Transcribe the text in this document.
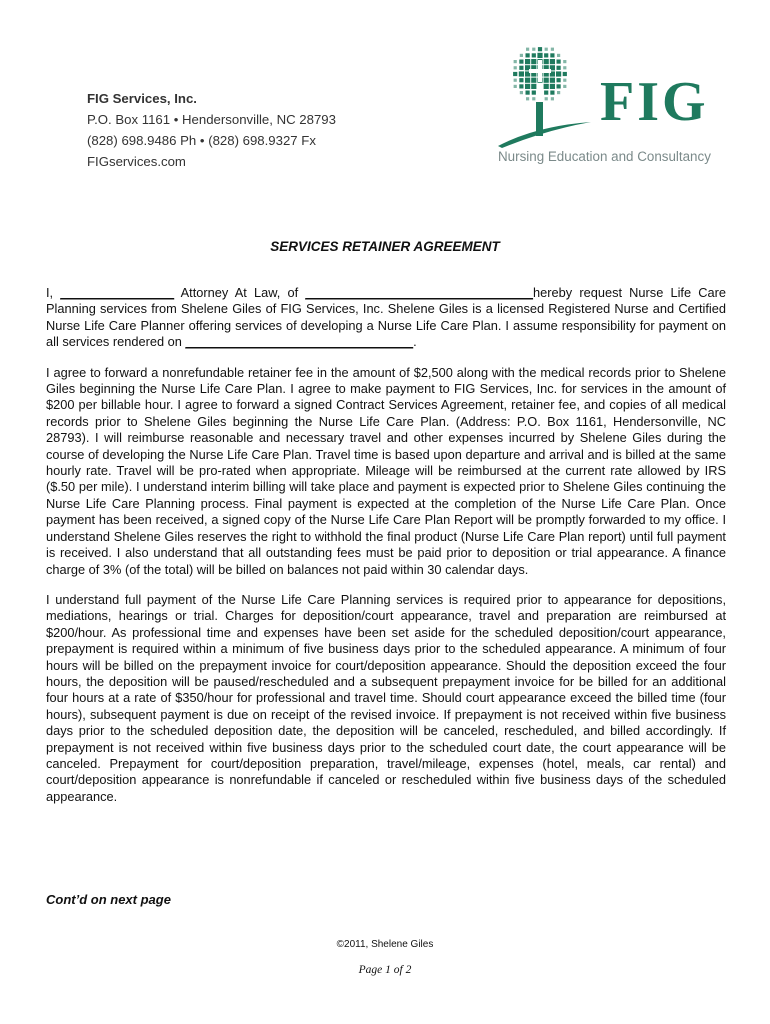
FIG Services, Inc.
P.O. Box 1161 • Hendersonville, NC 28793
(828) 698.9486 Ph • (828) 698.9327 Fx
FIGservices.com
FIG
Nursing Education and Consultancy
SERVICES RETAINER AGREEMENT

I, ________________ Attorney At Law, of ________________________________hereby request Nurse Life Care Planning services from Shelene Giles of FIG Services, Inc. Shelene Giles is a licensed Registered Nurse and Certified Nurse Life Care Planner offering services of developing a Nurse Life Care Plan. I assume responsibility for payment on all services rendered on ________________________________.

I agree to forward a nonrefundable retainer fee in the amount of $2,500 along with the medical records prior to Shelene Giles beginning the Nurse Life Care Plan. I agree to make payment to FIG Services, Inc. for services in the amount of $200 per billable hour. I agree to forward a signed Contract Services Agreement, retainer fee, and copies of all medical records prior to Shelene Giles beginning the Nurse Life Care Plan. (Address: P.O. Box 1161, Hendersonville, NC 28793). I will reimburse reasonable and necessary travel and other expenses incurred by Shelene Giles during the course of developing the Nurse Life Care Plan. Travel time is based upon departure and arrival and is billed at the same hourly rate. Travel will be pro-rated when appropriate. Mileage will be reimbursed at the current rate allowed by IRS ($.50 per mile). I understand interim billing will take place and payment is expected prior to Shelene Giles continuing the Nurse Life Care Planning process. Final payment is expected at the completion of the Nurse Life Care Plan. Once payment has been received, a signed copy of the Nurse Life Care Plan Report will be promptly forwarded to my office. I understand Shelene Giles reserves the right to withhold the final product (Nurse Life Care Plan report) until full payment is received. I also understand that all outstanding fees must be paid prior to deposition or trial appearance. A finance charge of 3% (of the total) will be billed on balances not paid within 30 calendar days.

I understand full payment of the Nurse Life Care Planning services is required prior to appearance for depositions, mediations, hearings or trial. Charges for deposition/court appearance, travel and preparation are reimbursed at $200/hour. As professional time and expenses have been set aside for the scheduled deposition/court appearance, prepayment is required within a minimum of five business days prior to the scheduled appearance. A minimum of four hours will be billed on the prepayment invoice for court/deposition appearance. Should the deposition exceed the four hours, the deposition will be paused/rescheduled and a subsequent prepayment invoice for be billed for an additional four hours at a rate of $350/hour for professional and travel time. Should court appearance exceed the billed time (four hours), subsequent payment is due on receipt of the revised invoice. If prepayment is not received within five business days prior to the scheduled deposition date, the deposition will be canceled, rescheduled, and billed accordingly. If prepayment is not received within five business days prior to the scheduled court date, the court appearance will be canceled. Prepayment for court/deposition preparation, travel/mileage, expenses (hotel, meals, car rental) and court/deposition appearance is nonrefundable if canceled or rescheduled within five business days of the scheduled appearance.

Cont’d on next page
©2011, Shelene Giles
Page 1 of 2
